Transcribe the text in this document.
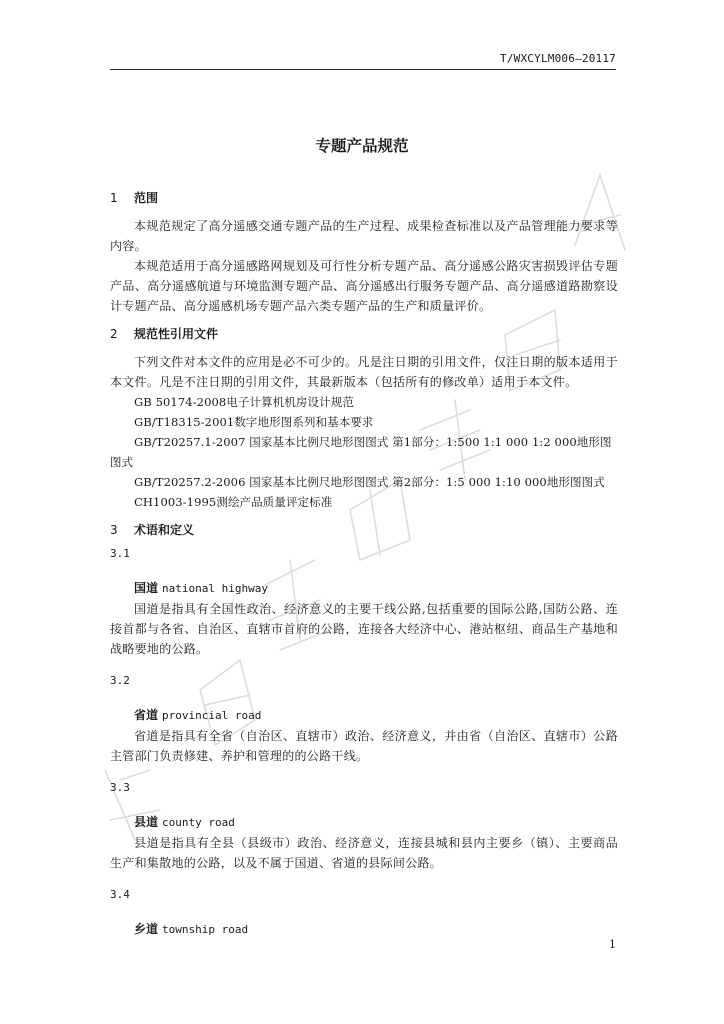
T/WXCYLM006—20117
专题产品规范
1 范围
本规范规定了高分遥感交通专题产品的生产过程、成果检查标准以及产品管理能力要求等内容。
本规范适用于高分遥感路网规划及可行性分析专题产品、高分遥感公路灾害损毁评估专题产品、高分遥感航道与环境监测专题产品、高分遥感出行服务专题产品、高分遥感道路勘察设计专题产品、高分遥感机场专题产品六类专题产品的生产和质量评价。
2 规范性引用文件
下列文件对本文件的应用是必不可少的。凡是注日期的引用文件，仅注日期的版本适用于本文件。凡是不注日期的引用文件，其最新版本（包括所有的修改单）适用于本文件。
GB 50174-2008电子计算机机房设计规范
GB/T18315-2001数字地形图系列和基本要求
GB/T20257.1-2007 国家基本比例尺地形图图式 第1部分：1:500 1:1 000 1:2 000地形图图式
GB/T20257.2-2006 国家基本比例尺地形图图式 第2部分：1:5 000 1:10 000地形图图式
CH1003-1995测绘产品质量评定标准
3 术语和定义
3.1
国道 national highway
国道是指具有全国性政治、经济意义的主要干线公路,包括重要的国际公路,国防公路、连接首都与各省、自治区、直辖市首府的公路，连接各大经济中心、港站枢纽、商品生产基地和战略要地的公路。
3.2
省道 provincial road
省道是指具有全省（自治区、直辖市）政治、经济意义，并由省（自治区、直辖市）公路主管部门负责修建、养护和管理的的公路干线。
3.3
县道 county road
县道是指具有全县（县级市）政治、经济意义，连接县城和县内主要乡（镇）、主要商品生产和集散地的公路，以及不属于国道、省道的县际间公路。
3.4
乡道 township road
1
